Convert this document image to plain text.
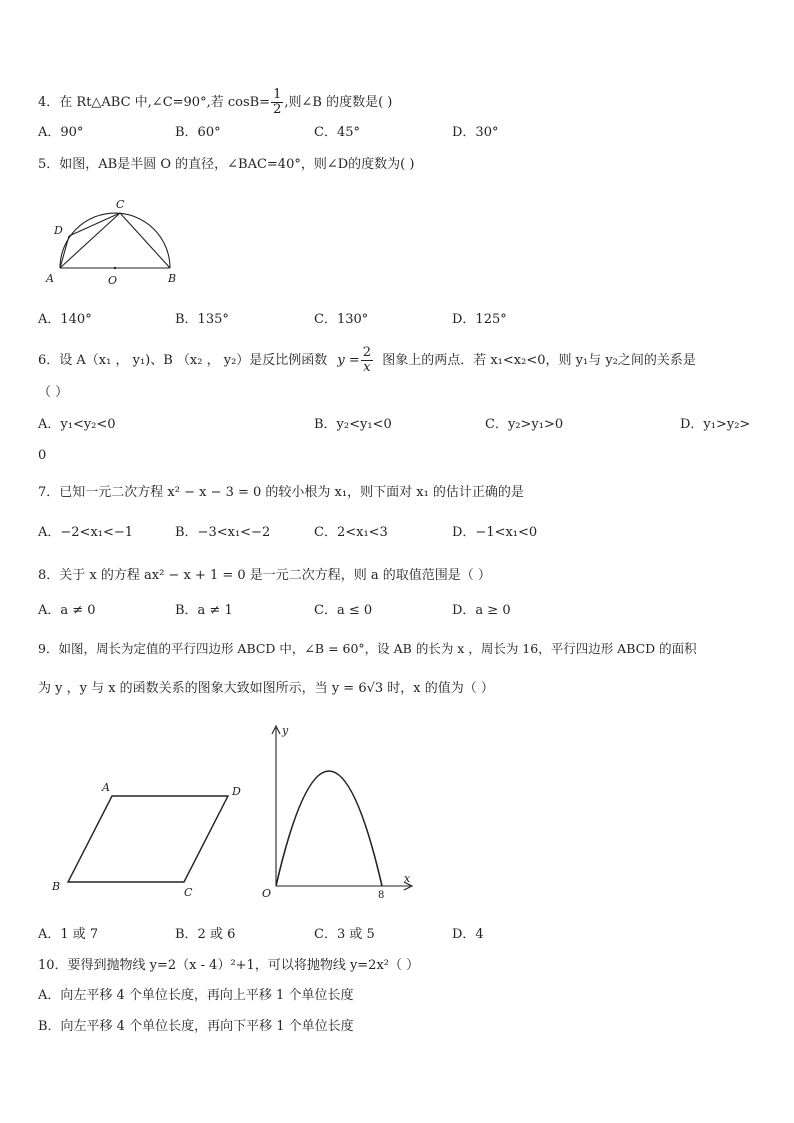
4．在 Rt△ABC 中,∠C=90°,若 $\cos B= \frac{1}{2}$ ,则∠B 的度数是( )
A．90°	B．60°	C．45°	D．30°
5．如图，AB是半圆 O 的直径，∠BAC=40°，则∠D的度数为( )
A	B
C
D
O
A．140°	B．135°	C．130°	D．125°
6．设 A（x₁ ， y₁)、B （x₂ ， y₂）是反比例函数 $y = \frac{2}{x}$ 图象上的两点．若 x₁<x₂<0，则 y₁与 y₂之间的关系是
（ ）
A．y₁<y₂<0	B．y₂<y₁<0	C．y₂>y₁>0	D．y₁>y₂>
0
7．已知一元二次方程 x² − x − 3 = 0 的较小根为 x₁，则下面对 x₁ 的估计正确的是
A．−2<x₁<−1	B．−3<x₁<−2	C．2<x₁<3	D．−1<x₁<0
8．关于 x 的方程 ax² − x + 1 = 0 是一元二次方程，则 a 的取值范围是（ ）
A．a ≠ 0	B．a ≠ 1	C．a ≤ 0	D．a ≥ 0
9．如图，周长为定值的平行四边形 ABCD 中，∠B = 60°，设 AB 的长为 x ，周长为 16，平行四边形 ABCD 的面积
为 y ，y 与 x 的函数关系的图象大致如图所示，当 y = 6√3 时，x 的值为（ ）
A	D
B	C
y
x
O	8
A．1 或 7	B．2 或 6	C．3 或 5	D．4
10．要得到抛物线 y=2（x - 4）²+1，可以将抛物线 y=2x²（ ）
A．向左平移 4 个单位长度，再向上平移 1 个单位长度
B．向左平移 4 个单位长度，再向下平移 1 个单位长度
